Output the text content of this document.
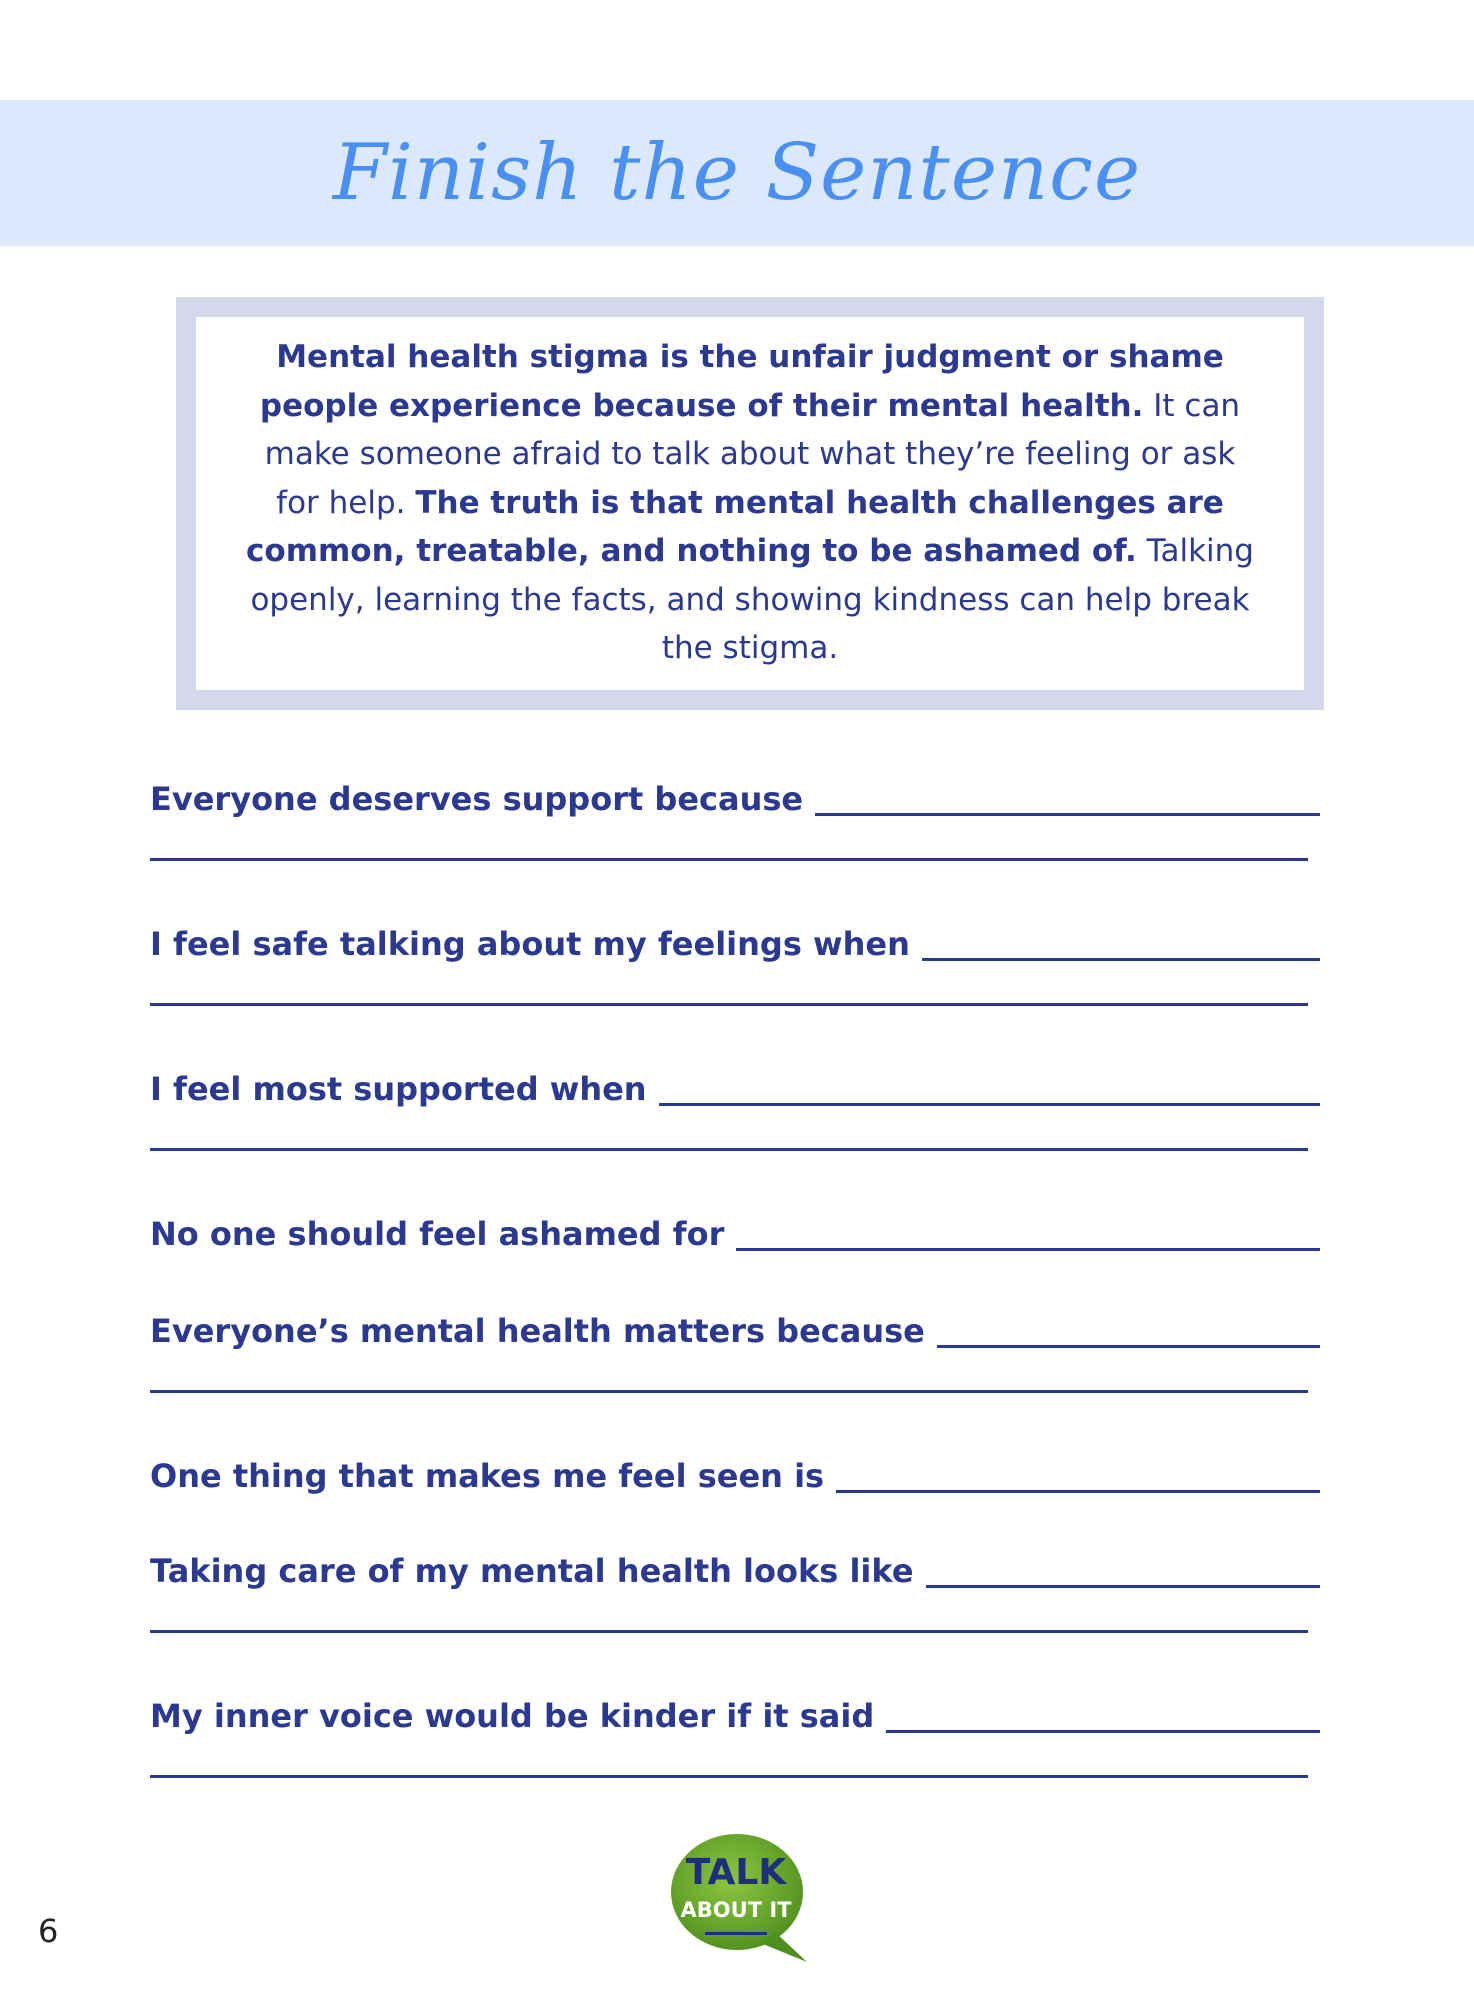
Finish the Sentence
Mental health stigma is the unfair judgment or shame people experience because of their mental health. It can make someone afraid to talk about what they’re feeling or ask for help. The truth is that mental health challenges are common, treatable, and nothing to be ashamed of. Talking openly, learning the facts, and showing kindness can help break the stigma.
Everyone deserves support because
I feel safe talking about my feelings when
I feel most supported when
No one should feel ashamed for
Everyone’s mental health matters because
One thing that makes me feel seen is
Taking care of my mental health looks like
My inner voice would be kinder if it said
6
TALK
ABOUT IT
